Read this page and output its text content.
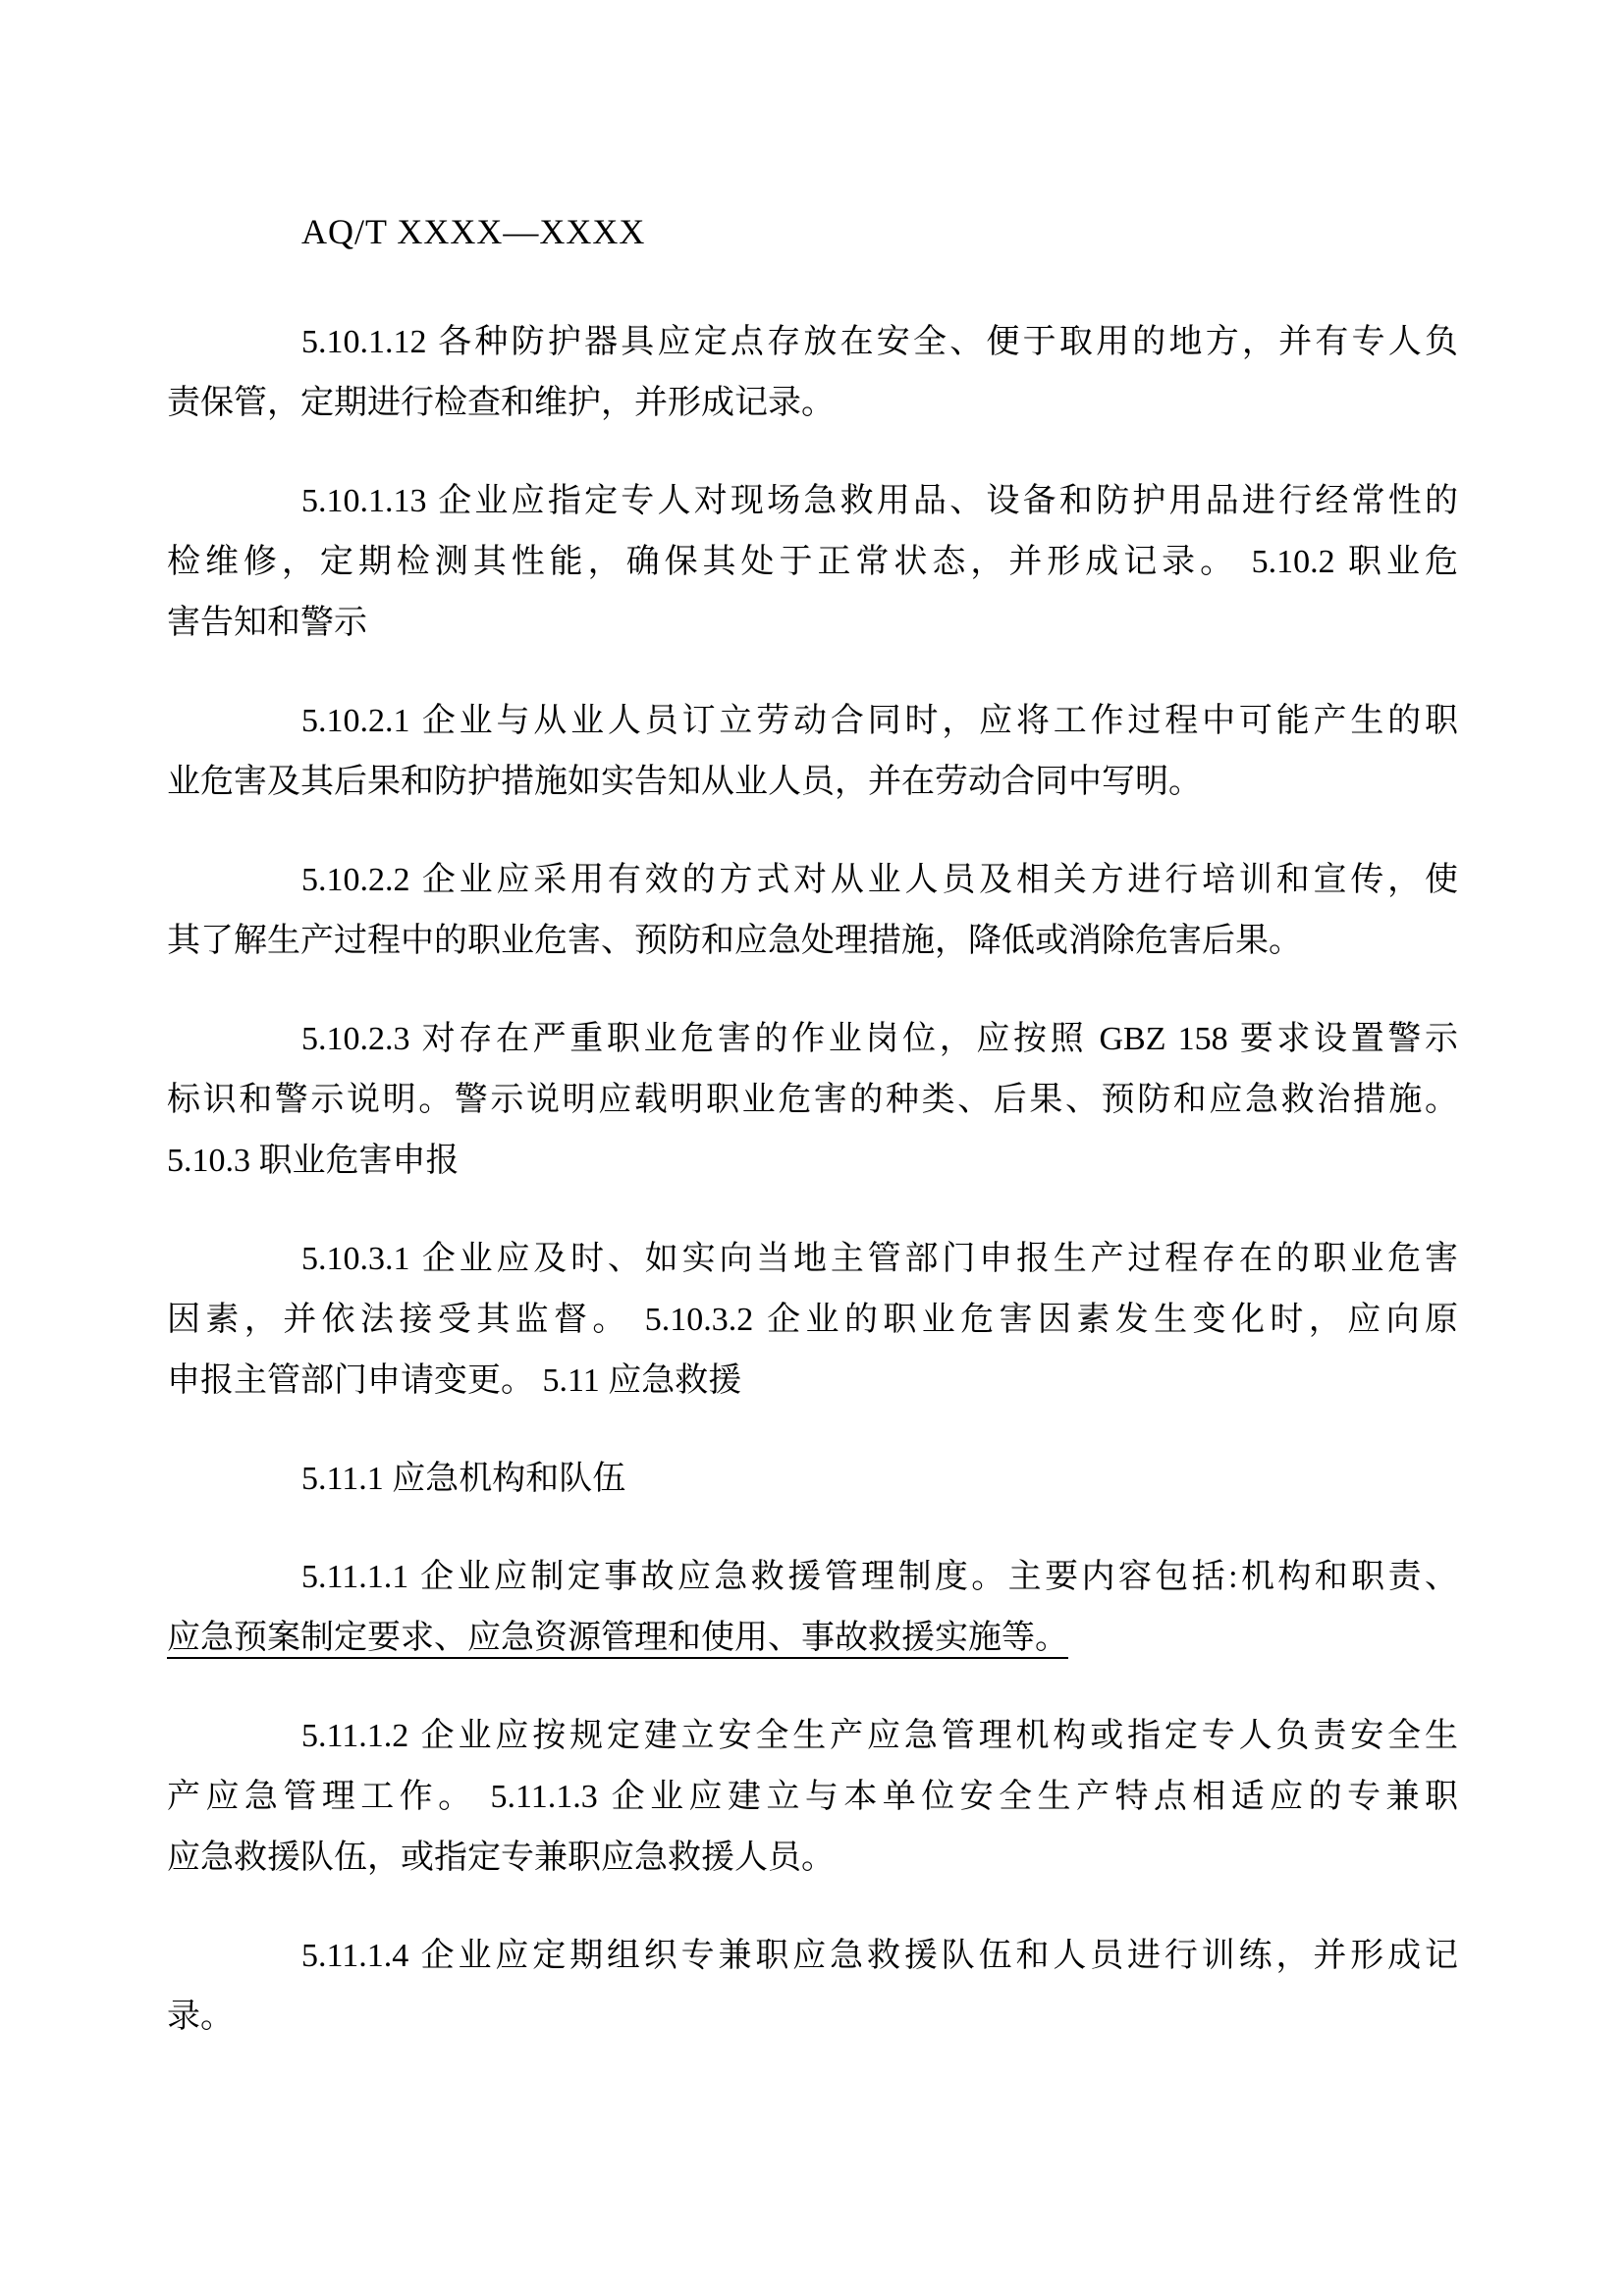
AQ/T XXXX—XXXX
5.10.1.12 各种防护器具应定点存放在安全、便于取用的地方，并有专人负
责保管，定期进行检查和维护，并形成记录。
5.10.1.13 企业应指定专人对现场急救用品、设备和防护用品进行经常性的
检维修，定期检测其性能，确保其处于正常状态，并形成记录。 5.10.2 职业危
害告知和警示
5.10.2.1 企业与从业人员订立劳动合同时，应将工作过程中可能产生的职
业危害及其后果和防护措施如实告知从业人员，并在劳动合同中写明。
5.10.2.2 企业应采用有效的方式对从业人员及相关方进行培训和宣传，使
其了解生产过程中的职业危害、预防和应急处理措施，降低或消除危害后果。
5.10.2.3 对存在严重职业危害的作业岗位，应按照 GBZ 158 要求设置警示
标识和警示说明。警示说明应载明职业危害的种类、后果、预防和应急救治措施。
5.10.3 职业危害申报
5.10.3.1 企业应及时、如实向当地主管部门申报生产过程存在的职业危害
因素，并依法接受其监督。 5.10.3.2 企业的职业危害因素发生变化时，应向原
申报主管部门申请变更。 5.11 应急救援
5.11.1 应急机构和队伍
5.11.1.1 企业应制定事故应急救援管理制度。主要内容包括:机构和职责、
应急预案制定要求、应急资源管理和使用、事故救援实施等。
5.11.1.2 企业应按规定建立安全生产应急管理机构或指定专人负责安全生
产应急管理工作。 5.11.1.3 企业应建立与本单位安全生产特点相适应的专兼职
应急救援队伍，或指定专兼职应急救援人员。
5.11.1.4 企业应定期组织专兼职应急救援队伍和人员进行训练，并形成记
录。
